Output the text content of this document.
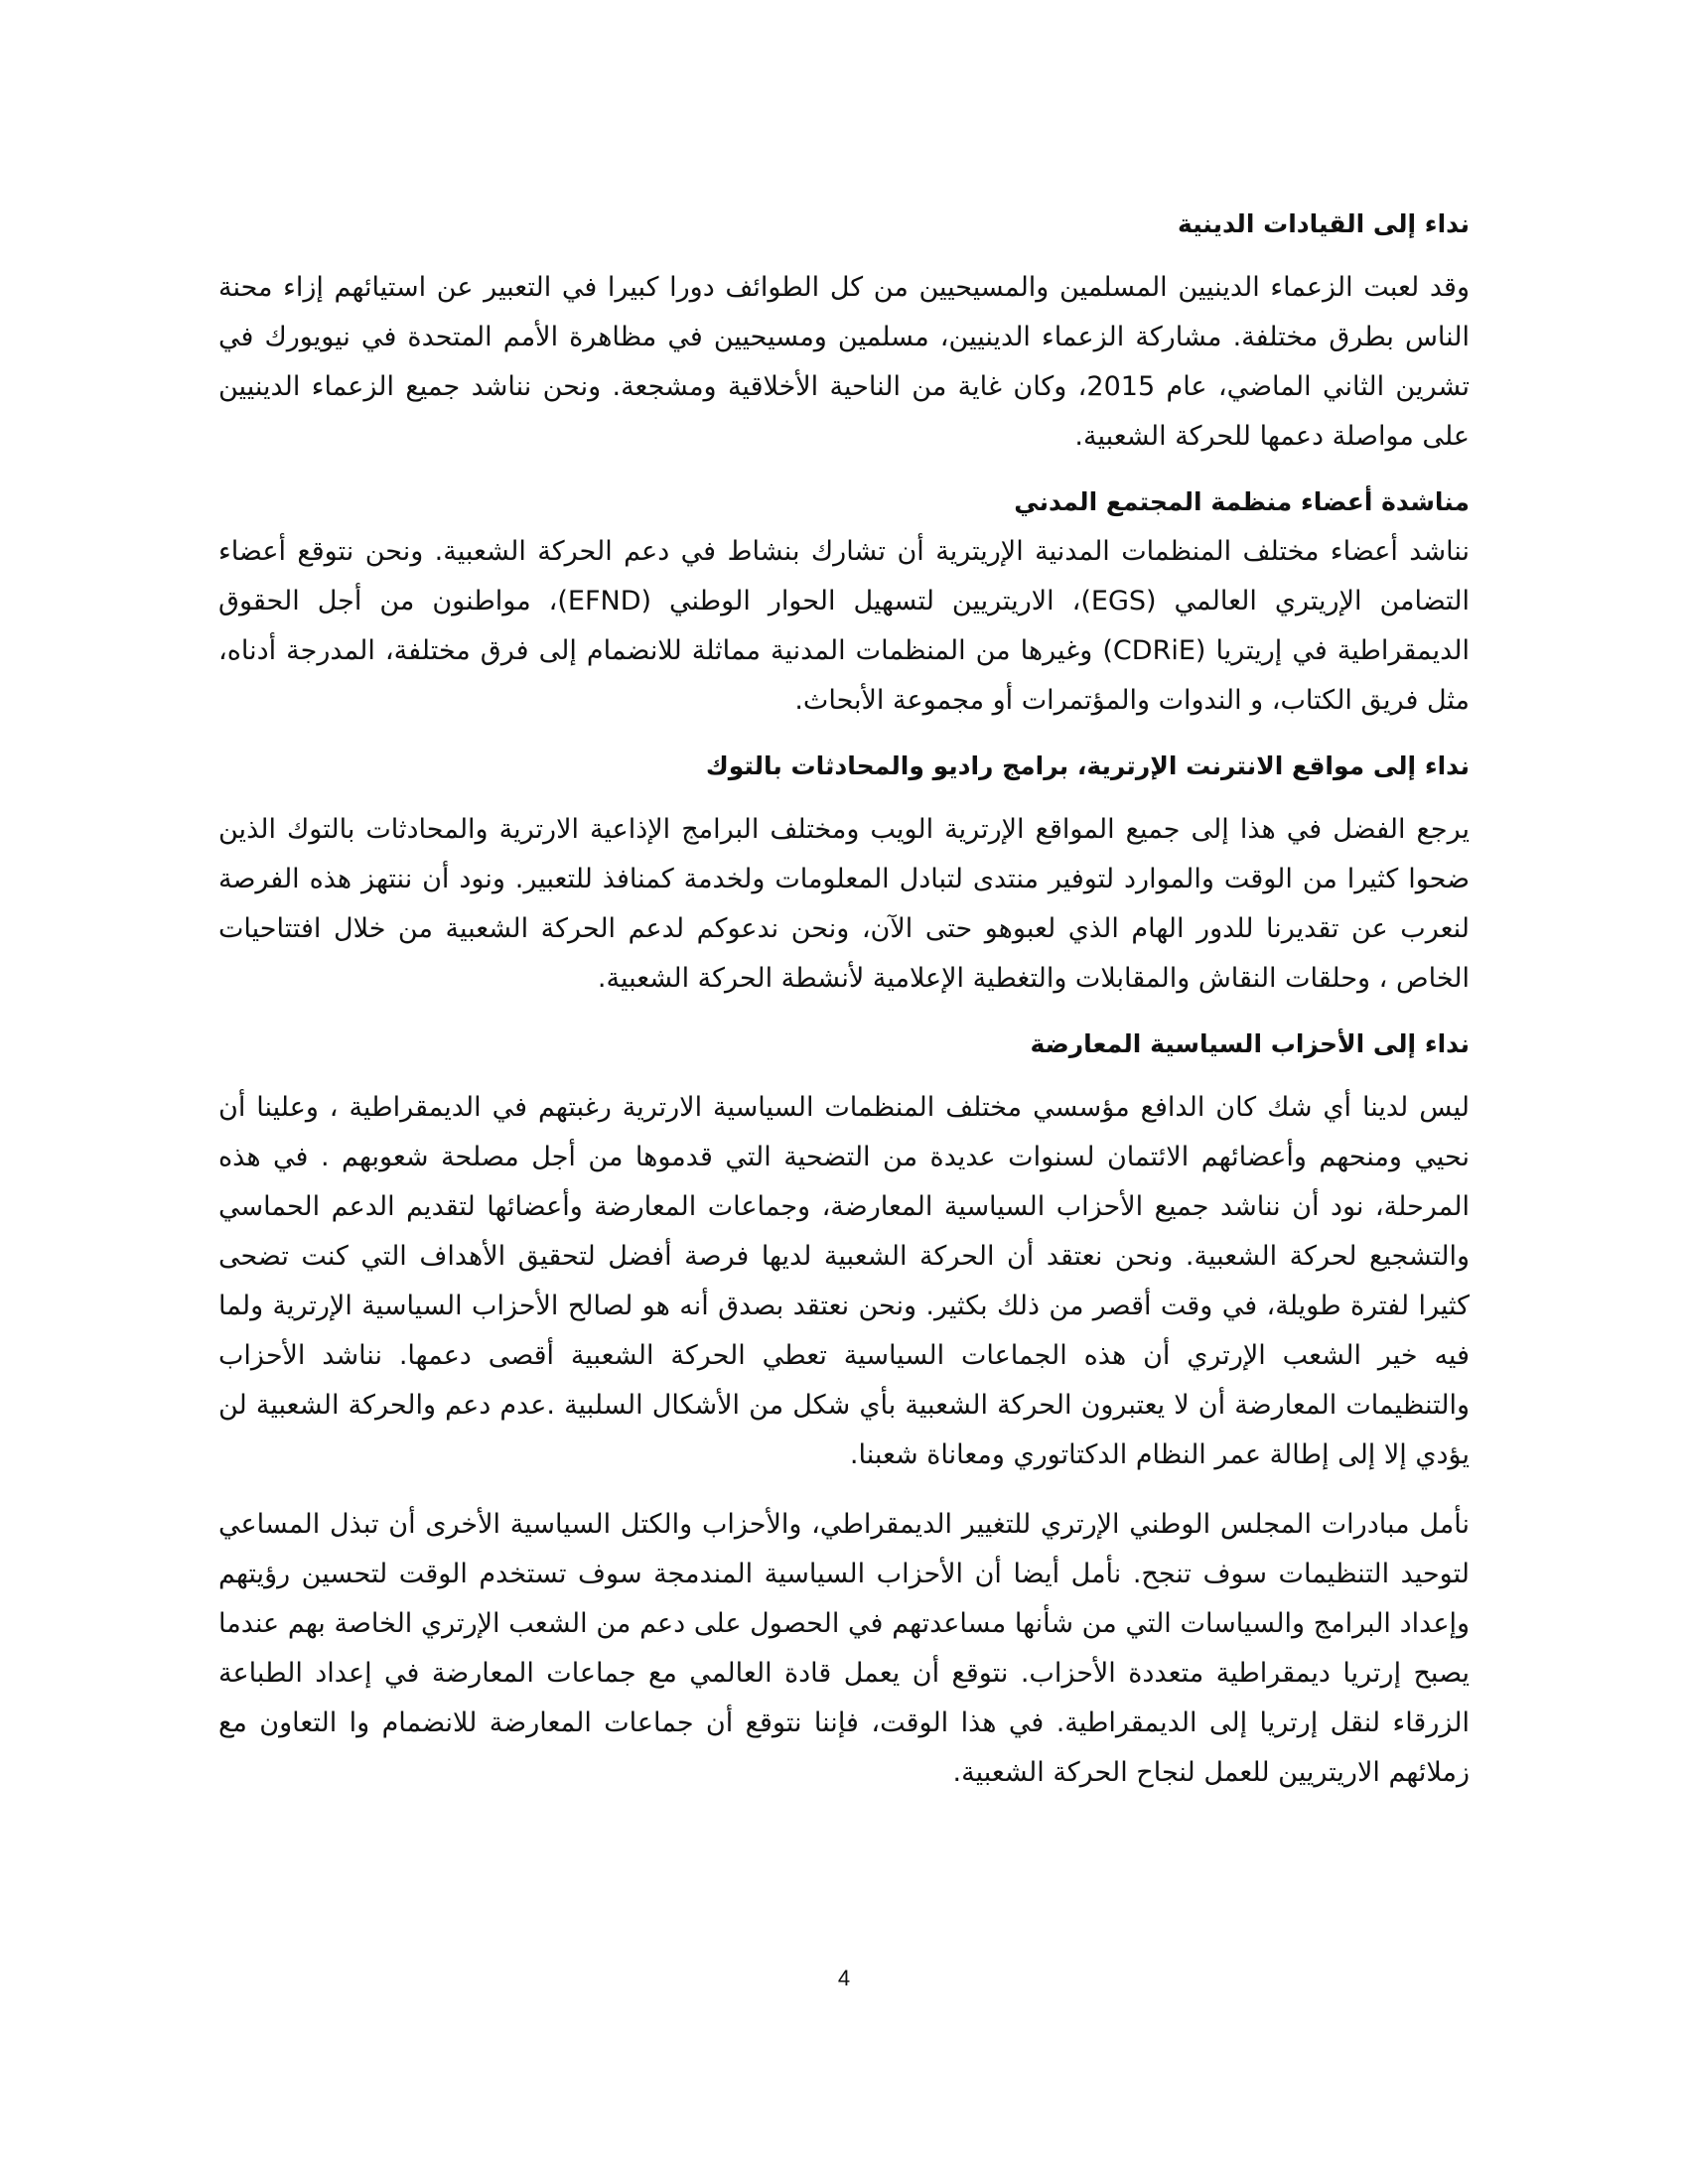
نداء إلى القيادات الدينية

وقد لعبت الزعماء الدينيين المسلمين والمسيحيين من كل الطوائف دورا كبيرا في التعبير عن استيائهم إزاء محنة الناس بطرق مختلفة. مشاركة الزعماء الدينيين، مسلمين ومسيحيين في مظاهرة الأمم المتحدة في نيويورك في تشرين الثاني الماضي، عام 2015، وكان غاية من الناحية الأخلاقية ومشجعة. ونحن نناشد جميع الزعماء الدينيين على مواصلة دعمها للحركة الشعبية.

مناشدة أعضاء منظمة المجتمع المدني

نناشد أعضاء مختلف المنظمات المدنية الإريترية أن تشارك بنشاط في دعم الحركة الشعبية. ونحن نتوقع أعضاء التضامن الإريتري العالمي (EGS)، الاريتريين لتسهيل الحوار الوطني (EFND)، مواطنون من أجل الحقوق الديمقراطية في إريتريا (CDRiE) وغيرها من المنظمات المدنية مماثلة للانضمام إلى فرق مختلفة، المدرجة أدناه، مثل فريق الكتاب، و الندوات والمؤتمرات أو مجموعة الأبحاث.

نداء إلى مواقع الانترنت الإرترية، برامج راديو والمحادثات بالتوك

يرجع الفضل في هذا إلى جميع المواقع الإرترية الويب ومختلف البرامج الإذاعية الارترية والمحادثات بالتوك الذين ضحوا كثيرا من الوقت والموارد لتوفير منتدى لتبادل المعلومات ولخدمة كمنافذ للتعبير. ونود أن ننتهز هذه الفرصة لنعرب عن تقديرنا للدور الهام الذي لعبوهو حتى الآن، ونحن ندعوكم لدعم الحركة الشعبية من خلال افتتاحيات الخاص ، وحلقات النقاش والمقابلات والتغطية الإعلامية لأنشطة الحركة الشعبية.

نداء إلى الأحزاب السياسية المعارضة

ليس لدينا أي شك كان الدافع مؤسسي مختلف المنظمات السياسية الارترية رغبتهم في الديمقراطية ، وعلينا أن نحيي ومنحهم وأعضائهم الائتمان لسنوات عديدة من التضحية التي قدموها من أجل مصلحة شعوبهم . في هذه المرحلة، نود أن نناشد جميع الأحزاب السياسية المعارضة، وجماعات المعارضة وأعضائها لتقديم الدعم الحماسي والتشجيع لحركة الشعبية. ونحن نعتقد أن الحركة الشعبية لديها فرصة أفضل لتحقيق الأهداف التي كنت تضحى كثيرا لفترة طويلة، في وقت أقصر من ذلك بكثير. ونحن نعتقد بصدق أنه هو لصالح الأحزاب السياسية الإرترية ولما فيه خير الشعب الإرتري أن هذه الجماعات السياسية تعطي الحركة الشعبية أقصى دعمها. نناشد الأحزاب والتنظيمات المعارضة أن لا يعتبرون الحركة الشعبية بأي شكل من الأشكال السلبية .عدم دعم والحركة الشعبية لن يؤدي إلا إلى إطالة عمر النظام الدكتاتوري ومعاناة شعبنا.

نأمل مبادرات المجلس الوطني الإرتري للتغيير الديمقراطي، والأحزاب والكتل السياسية الأخرى أن تبذل المساعي لتوحيد التنظيمات سوف تنجح. نأمل أيضا أن الأحزاب السياسية المندمجة سوف تستخدم الوقت لتحسين رؤيتهم وإعداد البرامج والسياسات التي من شأنها مساعدتهم في الحصول على دعم من الشعب الإرتري الخاصة بهم عندما يصبح إرتريا ديمقراطية متعددة الأحزاب. نتوقع أن يعمل قادة العالمي مع جماعات المعارضة في إعداد الطباعة الزرقاء لنقل إرتريا إلى الديمقراطية. في هذا الوقت، فإننا نتوقع أن جماعات المعارضة للانضمام وا التعاون مع زملائهم الاريتريين للعمل لنجاح الحركة الشعبية.

4
